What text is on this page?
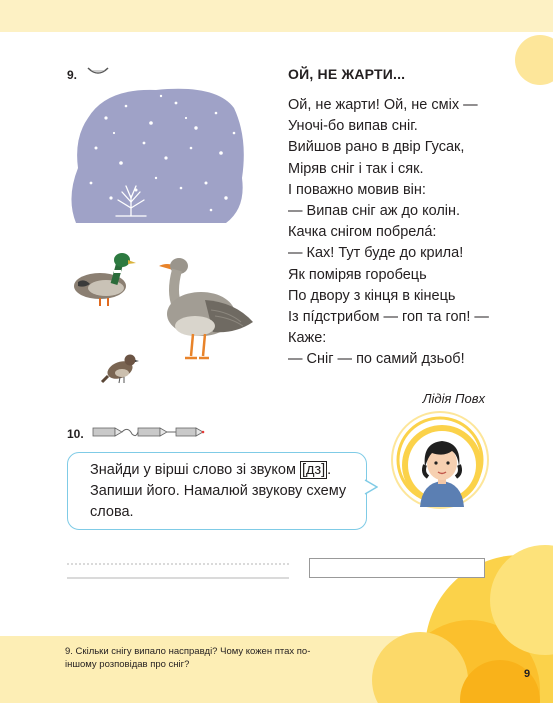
9.	ОЙ, НЕ ЖАРТИ...
Ой, не жарти! Ой, не сміх —
Уночі-бо випав сніг.
Вийшов рано в двір Гусак,
Міряв сніг і так і сяк.
І поважно мовив він:
— Випав сніг аж до колін.
Качка снігом побрелá:
— Ках! Тут буде до крила!
Як поміряв горобець
По двору з кінця в кінець
Із пíдстрибом — гоп та гоп! —
Каже:
— Сніг — по самий дзьоб!
Лідія Повх
10.
Знайди у вірші слово зі звуком [дз] . Запиши його. Намалюй звукову схему слова.
9. Скільки снігу випало насправді? Чому кожен птах по-іншому розповідав про сніг?
9
